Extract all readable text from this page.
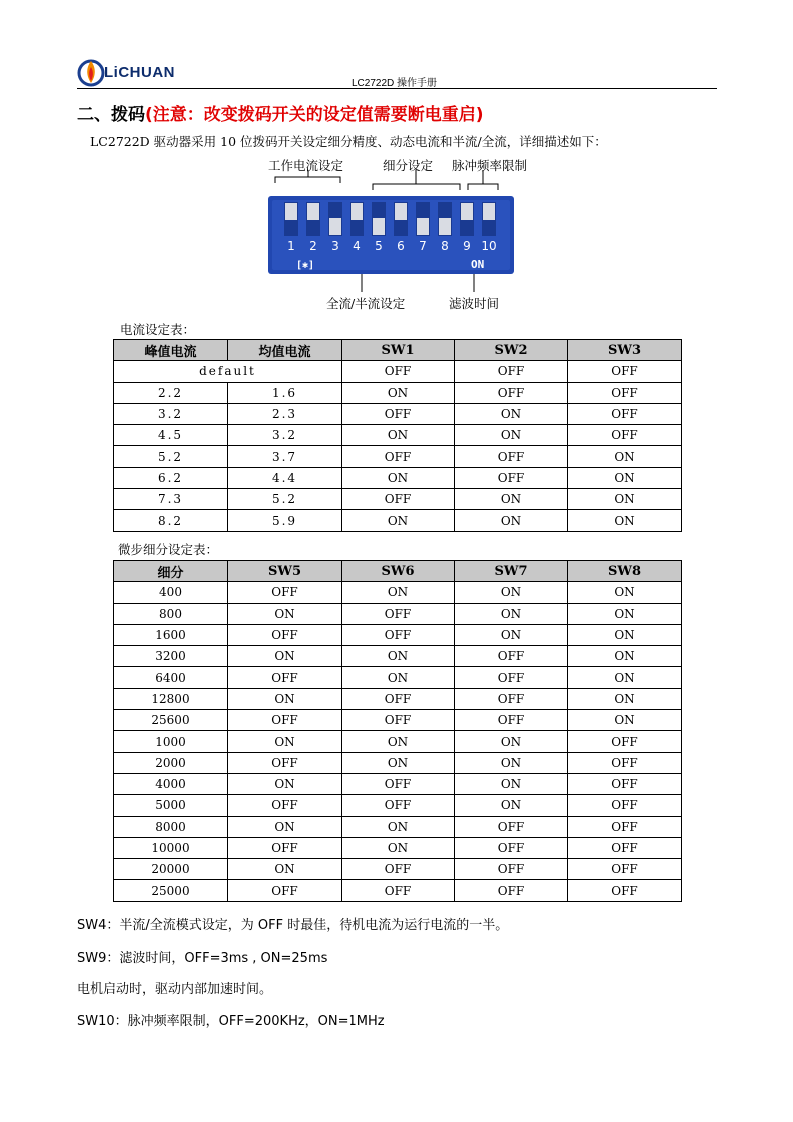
LiCHUAN
LC2722D 操作手册
二、拨码(注意：改变拨码开关的设定值需要断电重启)
LC2722D 驱动器采用 10 位拨码开关设定细分精度、动态电流和半流/全流，详细描述如下：
工作电流设定	细分设定 脉冲频率限制
1 2 3 4 5 6 7 8 9 10
[✱]	ON
全流/半流设定	滤波时间
电流设定表：
峰值电流	均值电流	SW1	SW2	SW3
default		OFF	OFF	OFF
2.2	1.6	ON	OFF	OFF
3.2	2.3	OFF	ON	OFF
4.5	3.2	ON	ON	OFF
5.2	3.7	OFF	OFF	ON
6.2	4.4	ON	OFF	ON
7.3	5.2	OFF	ON	ON
8.2	5.9	ON	ON	ON
微步细分设定表：
细分	SW5	SW6	SW7	SW8
400	OFF	ON	ON	ON
800	ON	OFF	ON	ON
1600	OFF	OFF	ON	ON
3200	ON	ON	OFF	ON
6400	OFF	ON	OFF	ON
12800	ON	OFF	OFF	ON
25600	OFF	OFF	OFF	ON
1000	ON	ON	ON	OFF
2000	OFF	ON	ON	OFF
4000	ON	OFF	ON	OFF
5000	OFF	OFF	ON	OFF
8000	ON	ON	OFF	OFF
10000	OFF	ON	OFF	OFF
20000	ON	OFF	OFF	OFF
25000	OFF	OFF	OFF	OFF
SW4：半流/全流模式设定，为 OFF 时最佳，待机电流为运行电流的一半。
SW9：滤波时间，OFF=3ms , ON=25ms
电机启动时，驱动内部加速时间。
SW10：脉冲频率限制，OFF=200KHz，ON=1MHz
